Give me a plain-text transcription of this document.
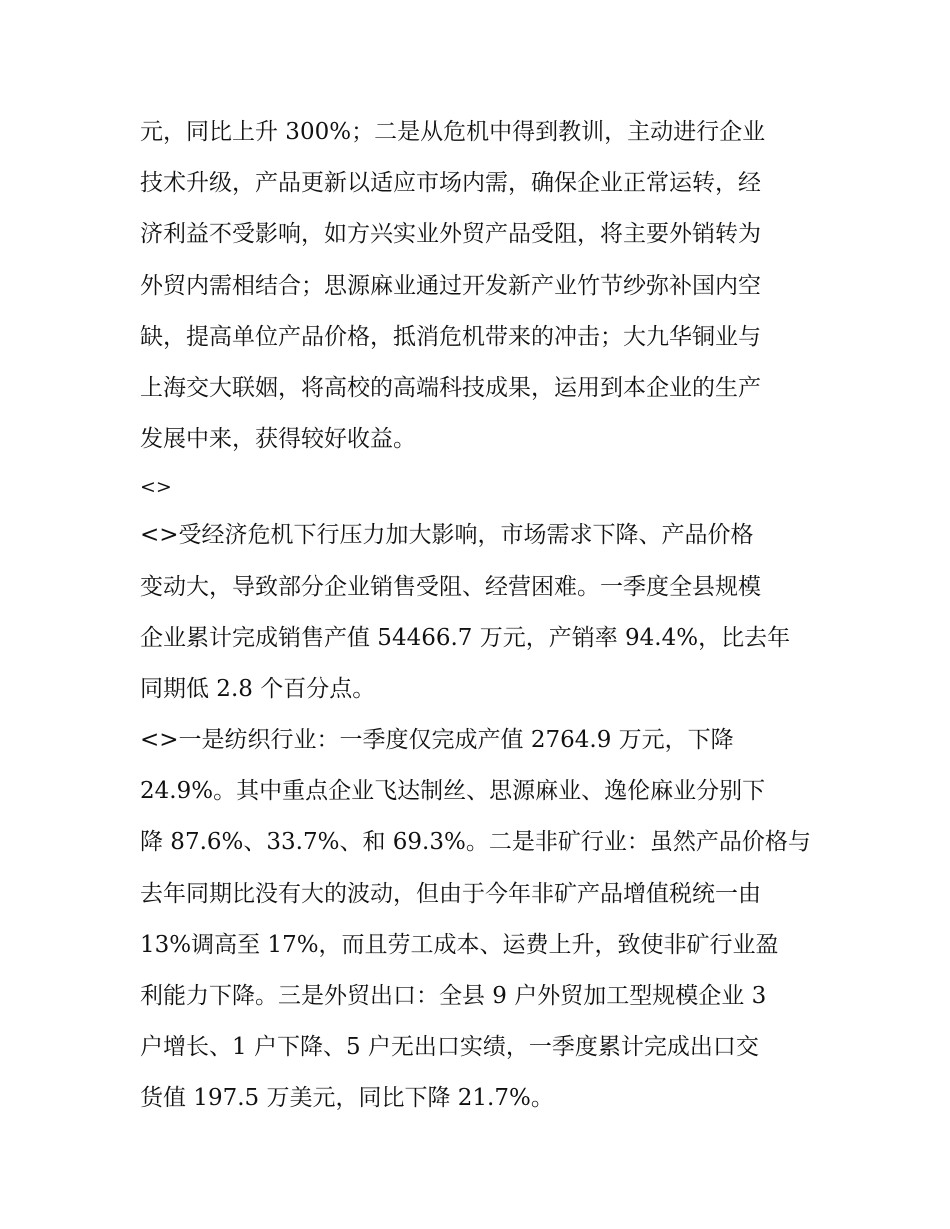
元，同比上升 300%；二是从危机中得到教训，主动进行企业
技术升级，产品更新以适应市场内需，确保企业正常运转，经
济利益不受影响，如方兴实业外贸产品受阻，将主要外销转为
外贸内需相结合；思源麻业通过开发新产业竹节纱弥补国内空
缺，提高单位产品价格，抵消危机带来的冲击；大九华铜业与
上海交大联姻，将高校的高端科技成果，运用到本企业的生产
发展中来，获得较好收益。
<>
<>受经济危机下行压力加大影响，市场需求下降、产品价格
变动大，导致部分企业销售受阻、经营困难。一季度全县规模
企业累计完成销售产值 54466.7 万元，产销率 94.4%，比去年
同期低 2.8 个百分点。
<>一是纺织行业：一季度仅完成产值 2764.9 万元，下降
24.9%。其中重点企业飞达制丝、思源麻业、逸伦麻业分别下
降 87.6%、33.7%、和 69.3%。二是非矿行业：虽然产品价格与
去年同期比没有大的波动，但由于今年非矿产品增值税统一由
13%调高至 17%，而且劳工成本、运费上升，致使非矿行业盈
利能力下降。三是外贸出口：全县 9 户外贸加工型规模企业 3
户增长、1 户下降、5 户无出口实绩，一季度累计完成出口交
货值 197.5 万美元，同比下降 21.7%。
